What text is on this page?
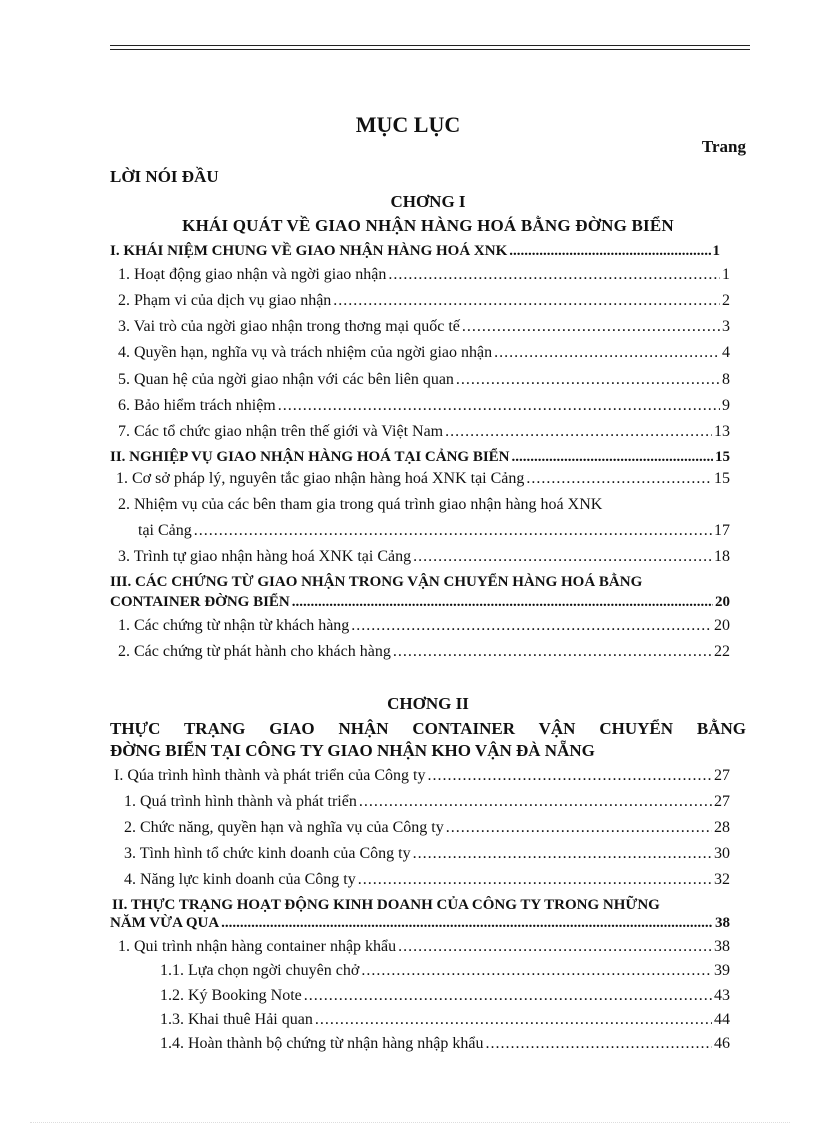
MỤC LỤC
Trang
LỜI NÓI ĐẦU
CHƠNG I
KHÁI QUÁT VỀ GIAO NHẬN HÀNG HOÁ BẰNG ĐỜNG BIỂN
I. KHÁI NIỆM CHUNG VỀ GIAO NHẬN HÀNG HOÁ XNK .....	1
1. Hoạt động giao nhận và ngời giao nhận .....	1
2. Phạm vi của dịch vụ giao nhận .....	2
3. Vai trò của ngời giao nhận trong thơng mại quốc tế .....	3
4. Quyền hạn, nghĩa vụ và trách nhiệm của ngời giao nhận .....	4
5. Quan hệ của ngời giao nhận với các bên liên quan .....	8
6. Bảo hiểm trách nhiệm .....	9
7. Các tổ chức giao nhận trên thế giới và Việt Nam .....	13
II. NGHIỆP VỤ GIAO NHẬN HÀNG HOÁ TẠI CẢNG BIỂN .....	15
1. Cơ sở pháp lý, nguyên tắc giao nhận hàng hoá XNK tại Cảng .....	15
2. Nhiệm vụ của các bên tham gia trong quá trình giao nhận hàng hoá XNK
tại Cảng .....	17
3. Trình tự giao nhận hàng hoá XNK tại Cảng .....	18
III. CÁC CHỨNG TỪ GIAO NHẬN TRONG VẬN CHUYỂN HÀNG HOÁ BẰNG
CONTAINER ĐỜNG BIỂN .....	20
1. Các chứng từ nhận từ khách hàng .....	20
2. Các chứng từ phát hành cho khách hàng .....	22
CHƠNG II
THỰC TRẠNG GIAO NHẬN CONTAINER VẬN CHUYỂN BẰNG
ĐỜNG BIỂN TẠI CÔNG TY GIAO NHẬN KHO VẬN ĐÀ NẴNG
I. Qúa trình hình thành và phát triển của Công ty .....	27
1. Quá trình hình thành và phát triển .....	27
2. Chức năng, quyền hạn và nghĩa vụ của Công ty .....	28
3. Tình hình tổ chức kinh doanh của Công ty .....	30
4. Năng lực kinh doanh của Công ty .....	32
II. THỰC TRẠNG HOẠT ĐỘNG KINH DOANH CỦA CÔNG TY TRONG NHỮNG
NĂM VỪA QUA .....	38
1. Qui trình nhận hàng container nhập khẩu .....	38
1.1. Lựa chọn ngời chuyên chở .....	39
1.2. Ký Booking Note .....	43
1.3. Khai thuê Hải quan .....	44
1.4. Hoàn thành bộ chứng từ nhận hàng nhập khẩu .....	46
